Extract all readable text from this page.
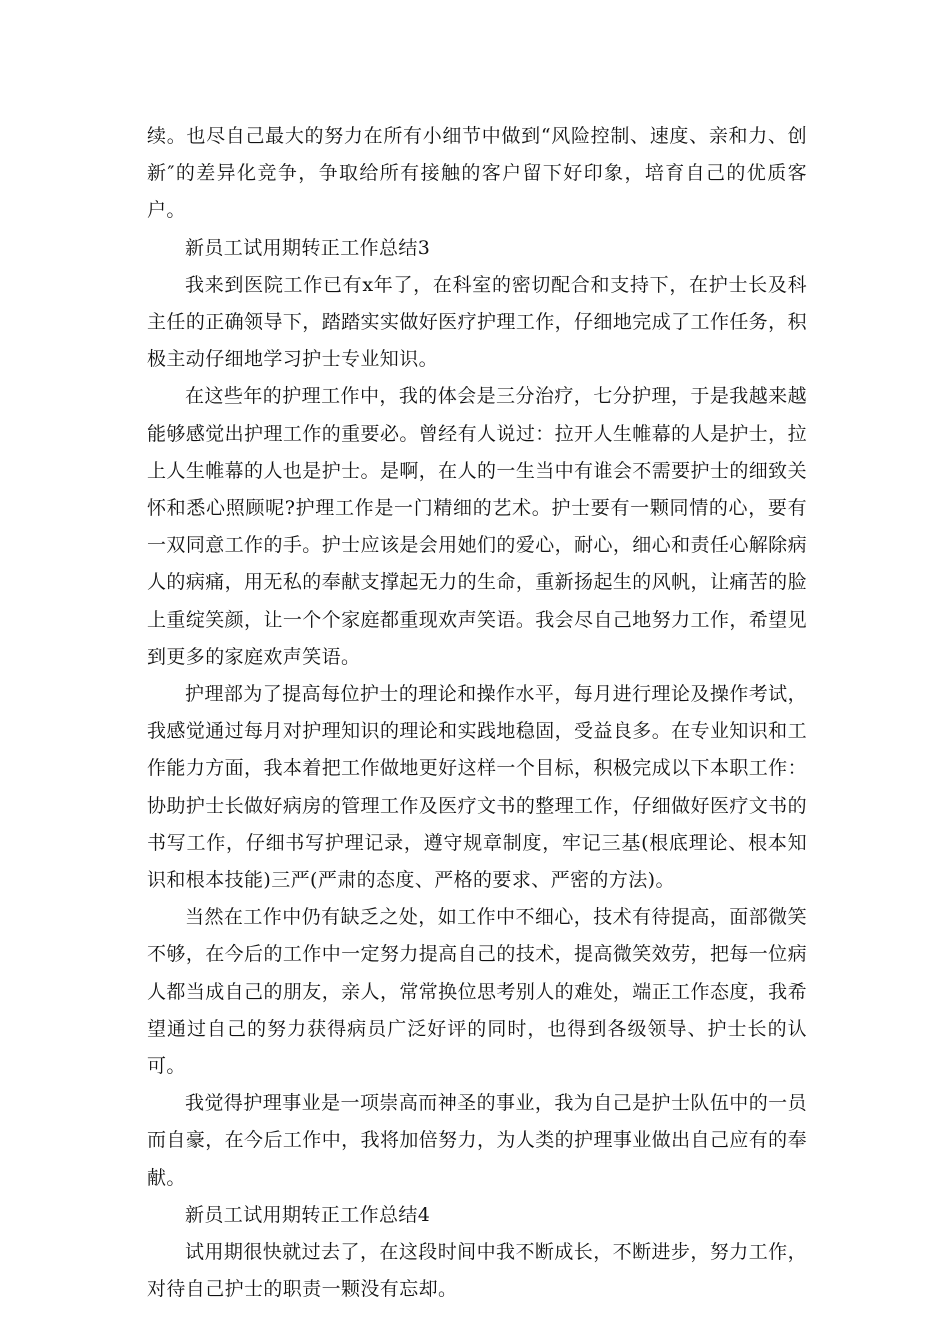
续。也尽自己最大的努力在所有小细节中做到“风险控制、速度、亲和力、创新″的差异化竞争，争取给所有接触的客户留下好印象，培育自己的优质客户。

新员工试用期转正工作总结3

我来到医院工作已有x年了，在科室的密切配合和支持下，在护士长及科主任的正确领导下，踏踏实实做好医疗护理工作，仔细地完成了工作任务，积极主动仔细地学习护士专业知识。

在这些年的护理工作中，我的体会是三分治疗，七分护理，于是我越来越能够感觉出护理工作的重要必。曾经有人说过：拉开人生帷幕的人是护士，拉上人生帷幕的人也是护士。是啊，在人的一生当中有谁会不需要护士的细致关怀和悉心照顾呢?护理工作是一门精细的艺术。护士要有一颗同情的心，要有一双同意工作的手。护士应该是会用她们的爱心，耐心，细心和责任心解除病人的病痛，用无私的奉献支撑起无力的生命，重新扬起生的风帆，让痛苦的脸上重绽笑颜，让一个个家庭都重现欢声笑语。我会尽自己地努力工作，希望见到更多的家庭欢声笑语。

护理部为了提高每位护士的理论和操作水平，每月进行理论及操作考试，我感觉通过每月对护理知识的理论和实践地稳固，受益良多。在专业知识和工作能力方面，我本着把工作做地更好这样一个目标，积极完成以下本职工作：协助护士长做好病房的管理工作及医疗文书的整理工作，仔细做好医疗文书的书写工作，仔细书写护理记录，遵守规章制度，牢记三基(根底理论、根本知识和根本技能)三严(严肃的态度、严格的要求、严密的方法)。

当然在工作中仍有缺乏之处，如工作中不细心，技术有待提高，面部微笑不够，在今后的工作中一定努力提高自己的技术，提高微笑效劳，把每一位病人都当成自己的朋友，亲人，常常换位思考别人的难处，端正工作态度，我希望通过自己的努力获得病员广泛好评的同时，也得到各级领导、护士长的认可。

我觉得护理事业是一项崇高而神圣的事业，我为自己是护士队伍中的一员而自豪，在今后工作中，我将加倍努力，为人类的护理事业做出自己应有的奉献。

新员工试用期转正工作总结4

试用期很快就过去了，在这段时间中我不断成长，不断进步，努力工作，对待自己护士的职责一颗没有忘却。
